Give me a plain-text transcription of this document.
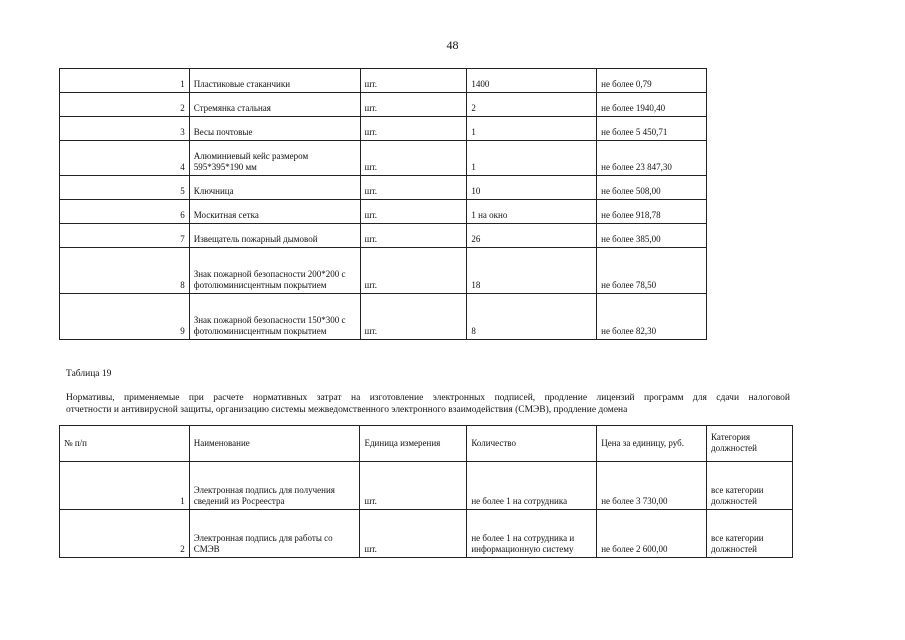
48
1	Пластиковые стаканчики	шт.	1400	не более 0,79
2	Стремянка стальная	шт.	2	не более 1940,40
3	Весы почтовые	шт.	1	не более 5 450,71
4	Алюминиевый кейс размером 595*395*190 мм	шт.	1	не более 23 847,30
5	Ключница	шт.	10	не более 508,00
6	Москитная сетка	шт.	1 на окно	не более 918,78
7	Извещатель пожарный дымовой	шт.	26	не более 385,00
8	Знак пожарной безопасности 200*200 с фотолюминисцентным покрытием	шт.	18	не более 78,50
9	Знак пожарной безопасности 150*300 с фотолюминисцентным покрытием	шт.	8	не более 82,30
Таблица 19
Нормативы, применяемые при расчете нормативных затрат на изготовление электронных подписей, продление лицензий программ для сдачи налоговой
отчетности и антивирусной защиты, организацию системы межведомственного электронного взаимодействия (СМЭВ), продление домена
№ п/п	Наименование	Единица измерения	Количество	Цена за единицу, руб.	Категория должностей
1	Электронная подпись для получения сведений из Росреестра	шт.	не более 1 на сотрудника	не более 3 730,00	все категории должностей
2	Электронная подпись для работы со СМЭВ	шт.	не более 1 на сотрудника и информационную систему	не более 2 600,00	все категории должностей
